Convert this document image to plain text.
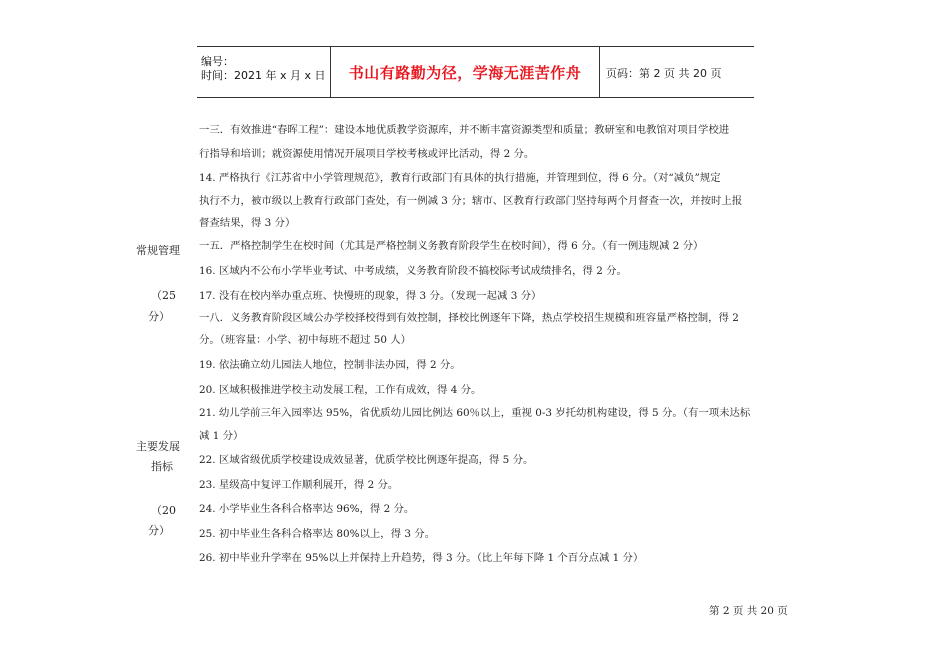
编号：
时间：2021 年 x 月 x 日	书山有路勤为径，学海无涯苦作舟	页码：第 2 页 共 20 页
常规管理
（25
分）
主要发展
指标
（20
分）
一三．有效推进“春晖工程”：建设本地优质教学资源库，并不断丰富资源类型和质量；教研室和电教馆对项目学校进
行指导和培训；就资源使用情况开展项目学校考核或评比活动，得 2 分。
14. 严格执行《江苏省中小学管理规范》，教育行政部门有具体的执行措施，并管理到位，得 6 分。（对“减负”规定
执行不力，被市级以上教育行政部门查处，有一例减 3 分；辖市、区教育行政部门坚持每两个月督查一次，并按时上报
督查结果，得 3 分）
一五．严格控制学生在校时间（尤其是严格控制义务教育阶段学生在校时间），得 6 分。（有一例违规减 2 分）
16. 区域内不公布小学毕业考试、中考成绩，义务教育阶段不搞校际考试成绩排名，得 2 分。
17. 没有在校内举办重点班、快慢班的现象，得 3 分。（发现一起减 3 分）
一八．义务教育阶段区域公办学校择校得到有效控制，择校比例逐年下降，热点学校招生规模和班容量严格控制，得 2
分。（班容量：小学、初中每班不超过 50 人）
19. 依法确立幼儿园法人地位，控制非法办园，得 2 分。
20. 区域积极推进学校主动发展工程，工作有成效，得 4 分。
21. 幼儿学前三年入园率达 95%，省优质幼儿园比例达 60％以上，重视 0-3 岁托幼机构建设，得 5 分。（有一项未达标
减 1 分）
22. 区域省级优质学校建设成效显著，优质学校比例逐年提高，得 5 分。
23. 星级高中复评工作顺利展开，得 2 分。
24. 小学毕业生各科合格率达 96%，得 2 分。
25. 初中毕业生各科合格率达 80%以上，得 3 分。
26. 初中毕业升学率在 95%以上并保持上升趋势，得 3 分。（比上年每下降 1 个百分点减 1 分）
第 2 页 共 20 页
